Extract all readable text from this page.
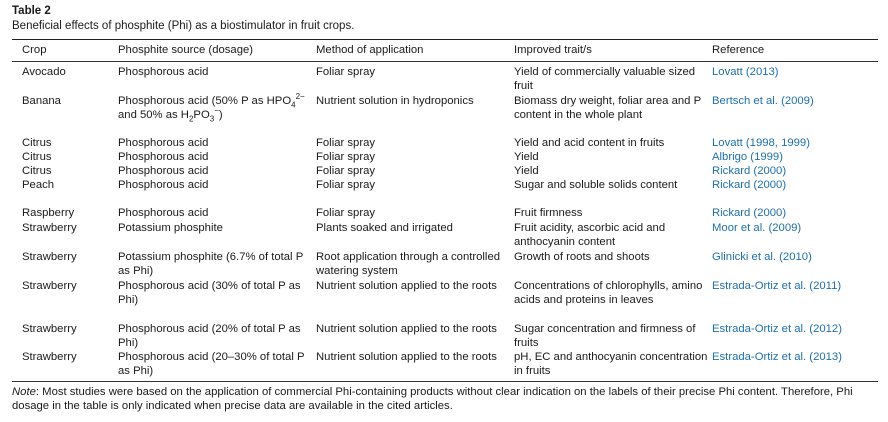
Table 2
Beneficial effects of phosphite (Phi) as a biostimulator in fruit crops.
Crop	Phosphite source (dosage)	Method of application	Improved trait/s	Reference

Avocado	Phosphorous acid	Foliar spray	Yield of commercially valuable sized fruit	Lovatt (2013)
Banana	Phosphorous acid (50% P as $HPO_4^{2-}$ and 50% as $H_2PO_3^-$)	Nutrient solution in hydroponics	Biomass dry weight, foliar area and P content in the whole plant	Bertsch et al. (2009)
Citrus	Phosphorous acid	Foliar spray	Yield and acid content in fruits	Lovatt (1998, 1999)
Citrus	Phosphorous acid	Foliar spray	Yield	Albrigo (1999)
Citrus	Phosphorous acid	Foliar spray	Yield	Rickard (2000)
Peach	Phosphorous acid	Foliar spray	Sugar and soluble solids content	Rickard (2000)
Raspberry	Phosphorous acid	Foliar spray	Fruit firmness	Rickard (2000)
Strawberry	Potassium phosphite	Plants soaked and irrigated	Fruit acidity, ascorbic acid and anthocyanin content	Moor et al. (2009)
Strawberry	Potassium phosphite (6.7% of total P as Phi)	Root application through a controlled watering system	Growth of roots and shoots	Glinicki et al. (2010)
Strawberry	Phosphorous acid (30% of total P as Phi)	Nutrient solution applied to the roots	Concentrations of chlorophylls, amino acids and proteins in leaves	Estrada-Ortiz et al. (2011)
Strawberry	Phosphorous acid (20% of total P as Phi)	Nutrient solution applied to the roots	Sugar concentration and firmness of fruits	Estrada-Ortiz et al. (2012)
Strawberry	Phosphorous acid (20–30% of total P as Phi)	Nutrient solution applied to the roots	pH, EC and anthocyanin concentration in fruits	Estrada-Ortiz et al. (2013)
Note: Most studies were based on the application of commercial Phi-containing products without clear indication on the labels of their precise Phi content. Therefore, Phi dosage in the table is only indicated when precise data are available in the cited articles.
